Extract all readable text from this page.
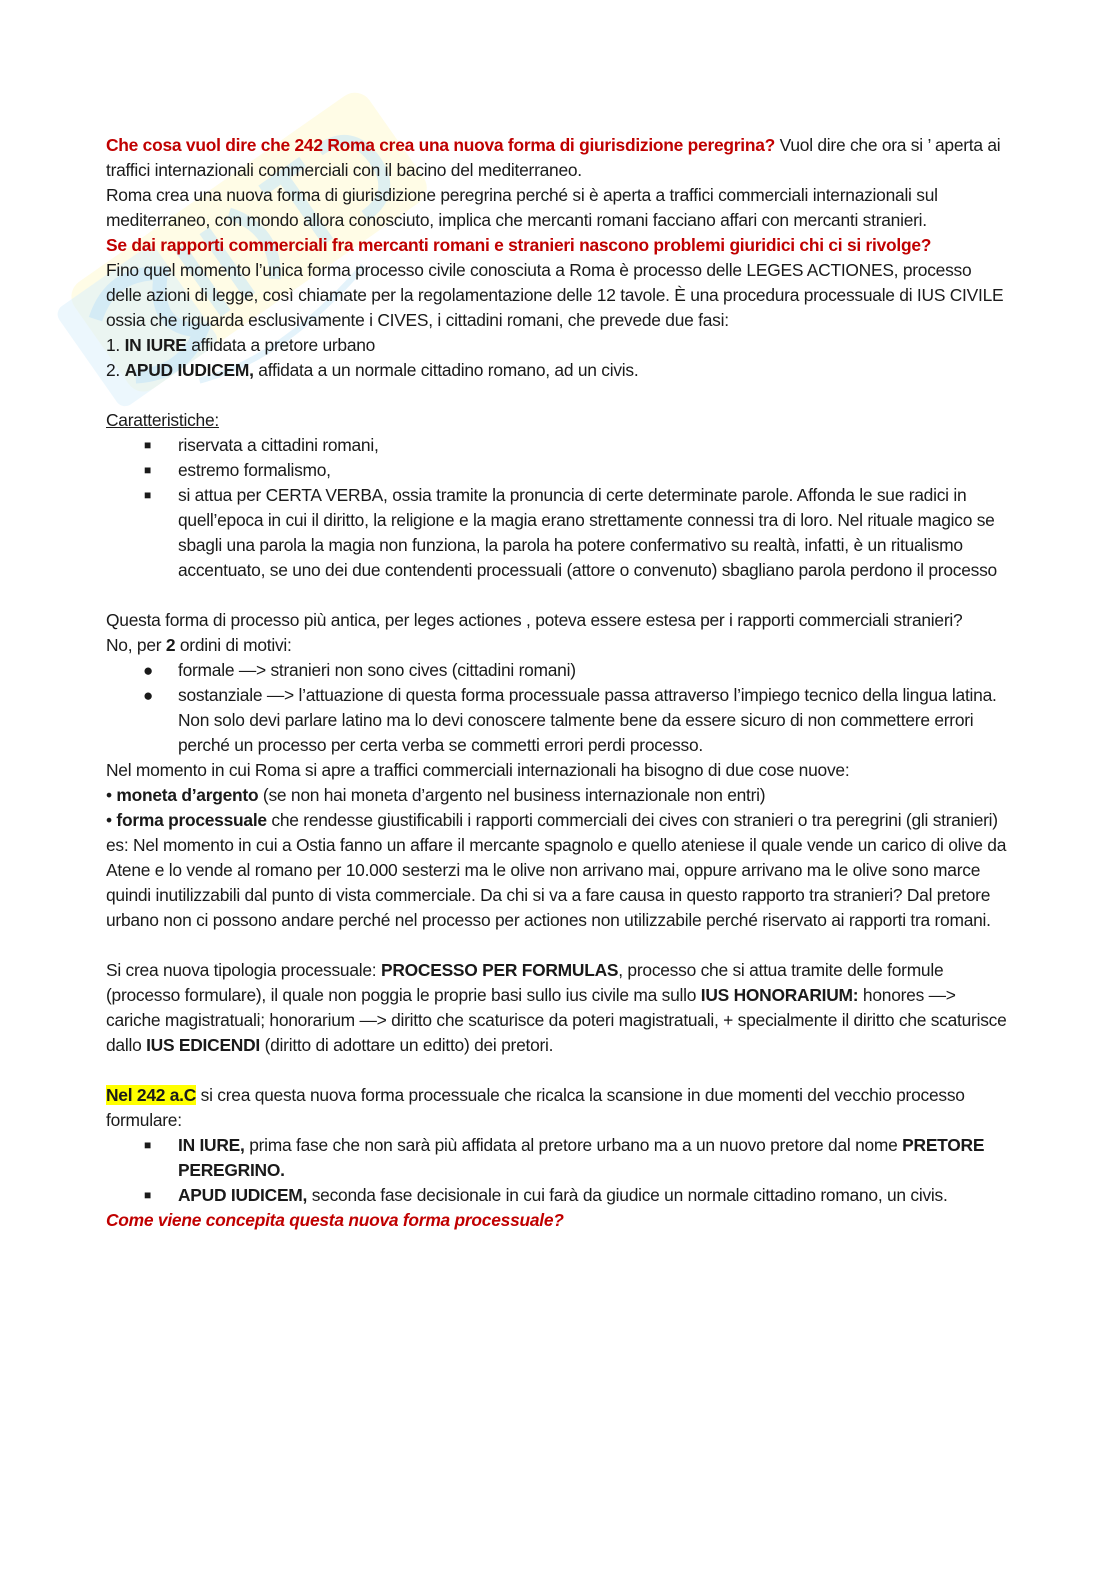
Che cosa vuol dire che 242 Roma crea una nuova forma di giurisdizione peregrina? Vuol dire che ora si ’ aperta ai traffici internazionali commerciali con il bacino del mediterraneo.

Roma crea una nuova forma di giurisdizione peregrina perché si è aperta a traffici commerciali internazionali sul mediterraneo, con mondo allora conosciuto, implica che mercanti romani facciano affari con mercanti stranieri.

Se dai rapporti commerciali fra mercanti romani e stranieri nascono problemi giuridici chi ci si rivolge?

Fino quel momento l’unica forma processo civile conosciuta a Roma è processo delle LEGES ACTIONES, processo delle azioni di legge, così chiamate per la regolamentazione delle 12 tavole. È una procedura processuale di IUS CIVILE ossia che riguarda esclusivamente i CIVES, i cittadini romani, che prevede due fasi:

1. IN IURE affidata a pretore urbano

2. APUD IUDICEM, affidata a un normale cittadino romano, ad un civis.

Caratteristiche:

■ riservata a cittadini romani,
■ estremo formalismo,
■ si attua per CERTA VERBA, ossia tramite la pronuncia di certe determinate parole. Affonda le sue radici in quell’epoca in cui il diritto, la religione e la magia erano strettamente connessi tra di loro. Nel rituale magico se sbagli una parola la magia non funziona, la parola ha potere confermativo su realtà, infatti, è un ritualismo accentuato, se uno dei due contendenti processuali (attore o convenuto) sbagliano parola perdono il processo

Questa forma di processo più antica, per leges actiones , poteva essere estesa per i rapporti commerciali stranieri?

No, per 2 ordini di motivi:

● formale —> stranieri non sono cives (cittadini romani)
● sostanziale —> l’attuazione di questa forma processuale passa attraverso l’impiego tecnico della lingua latina. Non solo devi parlare latino ma lo devi conoscere talmente bene da essere sicuro di non commettere errori perché un processo per certa verba se commetti errori perdi processo.

Nel momento in cui Roma si apre a traffici commerciali internazionali ha bisogno di due cose nuove:

• moneta d’argento (se non hai moneta d’argento nel business internazionale non entri)

• forma processuale che rendesse giustificabili i rapporti commerciali dei cives con stranieri o tra peregrini (gli stranieri)

es: Nel momento in cui a Ostia fanno un affare il mercante spagnolo e quello ateniese il quale vende un carico di olive da Atene e lo vende al romano per 10.000 sesterzi ma le olive non arrivano mai, oppure arrivano ma le olive sono marce quindi inutilizzabili dal punto di vista commerciale. Da chi si va a fare causa in questo rapporto tra stranieri? Dal pretore urbano non ci possono andare perché nel processo per actiones non utilizzabile perché riservato ai rapporti tra romani.

Si crea nuova tipologia processuale: PROCESSO PER FORMULAS, processo che si attua tramite delle formule (processo formulare), il quale non poggia le proprie basi sullo ius civile ma sullo IUS HONORARIUM: honores —> cariche magistratuali; honorarium —> diritto che scaturisce da poteri magistratuali, + specialmente il diritto che scaturisce dallo IUS EDICENDI (diritto di adottare un editto) dei pretori.

Nel 242 a.C si crea questa nuova forma processuale che ricalca la scansione in due momenti del vecchio processo formulare:

■ IN IURE, prima fase che non sarà più affidata al pretore urbano ma a un nuovo pretore dal nome PRETORE PEREGRINO.
■ APUD IUDICEM, seconda fase decisionale in cui farà da giudice un normale cittadino romano, un civis.

Come viene concepita questa nuova forma processuale?
